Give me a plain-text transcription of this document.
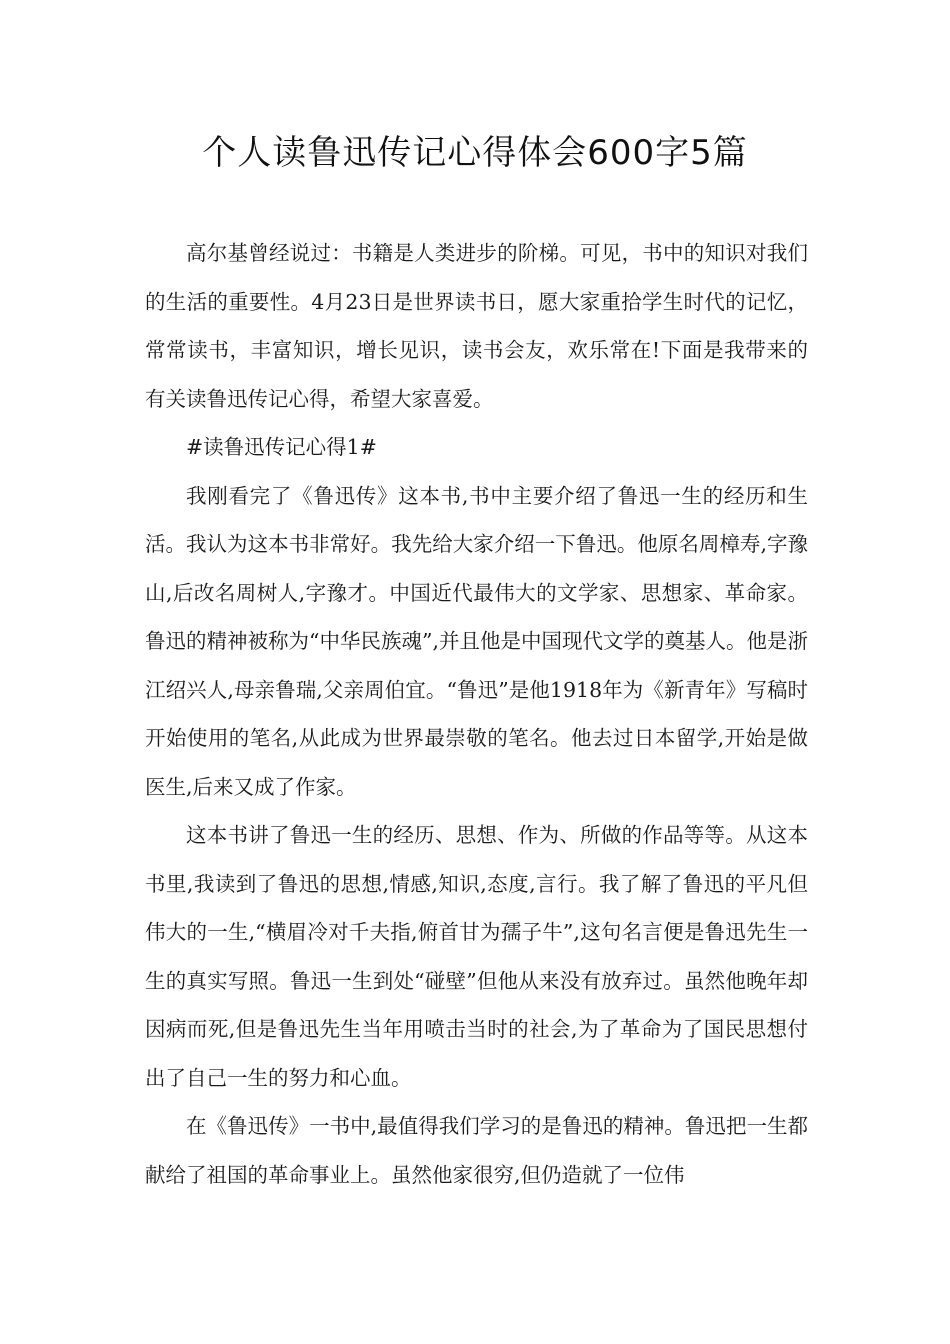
个人读鲁迅传记心得体会600字5篇

高尔基曾经说过：书籍是人类进步的阶梯。可见，书中的知识对我们的生活的重要性。4月23日是世界读书日，愿大家重拾学生时代的记忆，常常读书，丰富知识，增长见识，读书会友，欢乐常在!下面是我带来的有关读鲁迅传记心得，希望大家喜爱。

#读鲁迅传记心得1#

我刚看完了《鲁迅传》这本书,书中主要介绍了鲁迅一生的经历和生活。我认为这本书非常好。我先给大家介绍一下鲁迅。他原名周樟寿,字豫山,后改名周树人,字豫才。中国近代最伟大的文学家、思想家、革命家。鲁迅的精神被称为“中华民族魂”,并且他是中国现代文学的奠基人。他是浙江绍兴人,母亲鲁瑞,父亲周伯宜。“鲁迅”是他1918年为《新青年》写稿时开始使用的笔名,从此成为世界最崇敬的笔名。他去过日本留学,开始是做医生,后来又成了作家。

这本书讲了鲁迅一生的经历、思想、作为、所做的作品等等。从这本书里,我读到了鲁迅的思想,情感,知识,态度,言行。我了解了鲁迅的平凡但伟大的一生,“横眉冷对千夫指,俯首甘为孺子牛”,这句名言便是鲁迅先生一生的真实写照。鲁迅一生到处“碰壁”但他从来没有放弃过。虽然他晚年却因病而死,但是鲁迅先生当年用喷击当时的社会,为了革命为了国民思想付出了自己一生的努力和心血。

在《鲁迅传》一书中,最值得我们学习的是鲁迅的精神。鲁迅把一生都献给了祖国的革命事业上。虽然他家很穷,但仍造就了一位伟
